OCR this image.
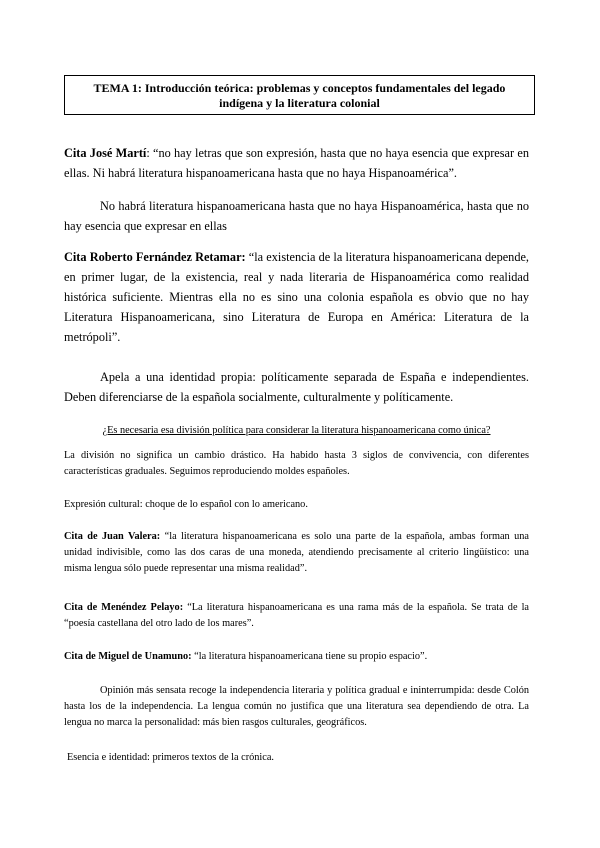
TEMA 1: Introducción teórica: problemas y conceptos fundamentales del legado
indígena y la literatura colonial
Cita José Martí: “no hay letras que son expresión, hasta que no haya esencia que expresar en ellas. Ni habrá literatura hispanoamericana hasta que no haya Hispanoamérica”.
No habrá literatura hispanoamericana hasta que no haya Hispanoamérica, hasta que no hay esencia que expresar en ellas
Cita Roberto Fernández Retamar: “la existencia de la literatura hispanoamericana depende, en primer lugar, de la existencia, real y nada literaria de Hispanoamérica como realidad histórica suficiente. Mientras ella no es sino una colonia española es obvio que no hay Literatura Hispanoamericana, sino Literatura de Europa en América: Literatura de la metrópoli”.
Apela a una identidad propia: políticamente separada de España e independientes. Deben diferenciarse de la española socialmente, culturalmente y políticamente.
¿Es necesaria esa división política para considerar la literatura hispanoamericana como única?
La división no significa un cambio drástico. Ha habido hasta 3 siglos de convivencia, con diferentes características graduales. Seguimos reproduciendo moldes españoles.
Expresión cultural: choque de lo español con lo americano.
Cita de Juan Valera: “la literatura hispanoamericana es solo una parte de la española, ambas forman una unidad indivisible, como las dos caras de una moneda, atendiendo precisamente al criterio lingüístico: una misma lengua sólo puede representar una misma realidad”.
Cita de Menéndez Pelayo: “La literatura hispanoamericana es una rama más de la española. Se trata de la “poesía castellana del otro lado de los mares”.
Cita de Miguel de Unamuno: “la literatura hispanoamericana tiene su propio espacio”.
Opinión más sensata recoge la independencia literaria y política gradual e ininterrumpida: desde Colón hasta los de la independencia. La lengua común no justifica que una literatura sea dependiendo de otra. La lengua no marca la personalidad: más bien rasgos culturales, geográficos.
Esencia e identidad: primeros textos de la crónica.
